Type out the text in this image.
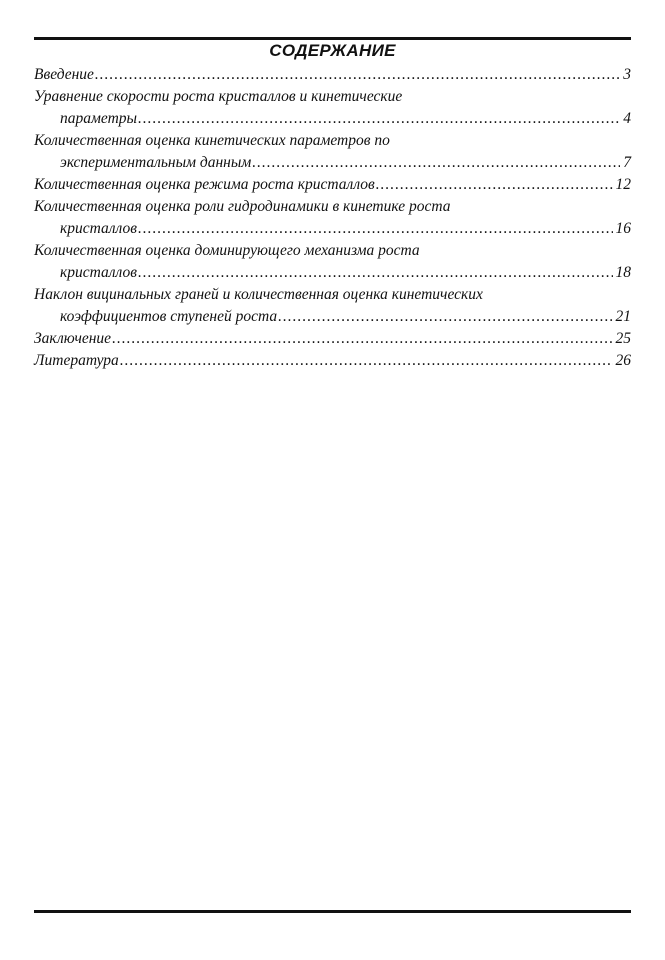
СОДЕРЖАНИЕ
Введение .....	3
Уравнение скорости роста кристаллов и кинетические
параметры .....	4
Количественная оценка кинетических параметров по
экспериментальным данным .....	7
Количественная оценка режима роста кристаллов .....	12
Количественная оценка роли гидродинамики в кинетике роста
кристаллов .....	16
Количественная оценка доминирующего механизма роста
кристаллов .....	18
Наклон вицинальных граней и количественная оценка кинетических
коэффициентов ступеней роста .....	21
Заключение .....	25
Литература .....	26
